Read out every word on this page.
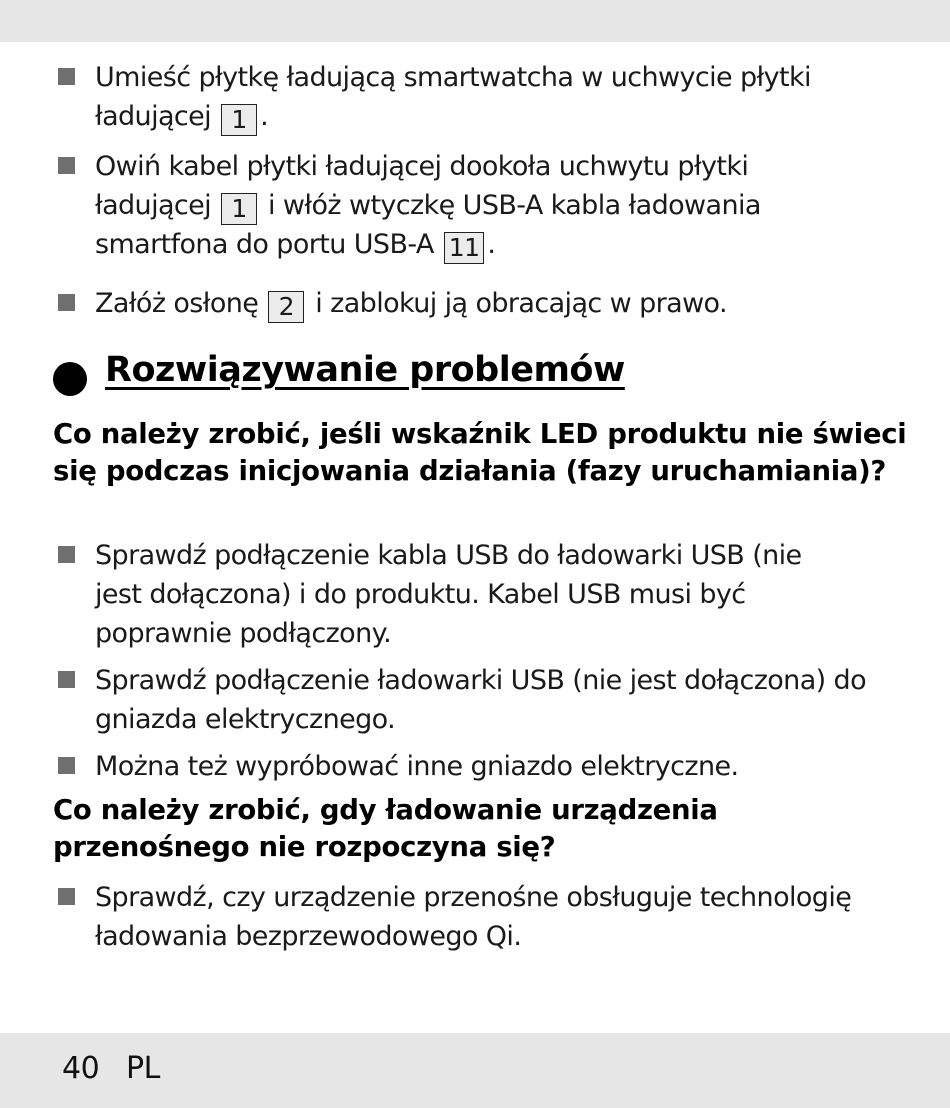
Umieść płytkę ładującą smartwatcha w uchwycie płytki ładującej 1 .
Owiń kabel płytki ładującej dookoła uchwytu płytki ładującej 1 i włóż wtyczkę USB-A kabla ładowania smartfona do portu USB-A 11 .
Załóż osłonę 2 i zablokuj ją obracając w prawo.
Rozwiązywanie problemów
Co należy zrobić, jeśli wskaźnik LED produktu nie świeci się podczas inicjowania działania (fazy uruchamiania)?
Sprawdź podłączenie kabla USB do ładowarki USB (nie jest dołączona) i do produktu. Kabel USB musi być poprawnie podłączony.
Sprawdź podłączenie ładowarki USB (nie jest dołączona) do gniazda elektrycznego.
Można też wypróbować inne gniazdo elektryczne.
Co należy zrobić, gdy ładowanie urządzenia przenośnego nie rozpoczyna się?
Sprawdź, czy urządzenie przenośne obsługuje technologię ładowania bezprzewodowego Qi.
40 PL
